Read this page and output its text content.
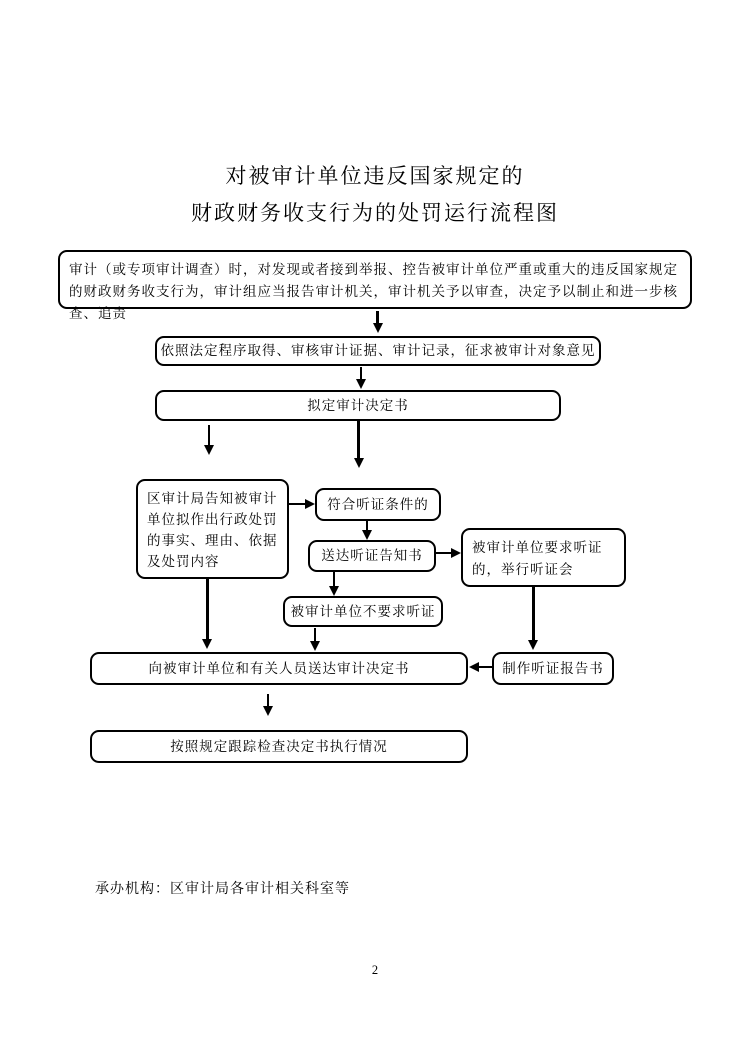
对被审计单位违反国家规定的
财政财务收支行为的处罚运行流程图
审计（或专项审计调查）时，对发现或者接到举报、控告被审计单位严重或重大的违反国家规定的财政财务收支行为，审计组应当报告审计机关，审计机关予以审查，决定予以制止和进一步核查、追责
依照法定程序取得、审核审计证据、审计记录，征求被审计对象意见
拟定审计决定书
区审计局告知被审计单位拟作出行政处罚的事实、理由、依据及处罚内容
符合听证条件的
送达听证告知书
被审计单位要求听证的，举行听证会
被审计单位不要求听证
向被审计单位和有关人员送达审计决定书	制作听证报告书
按照规定跟踪检查决定书执行情况
承办机构：区审计局各审计相关科室等
2
